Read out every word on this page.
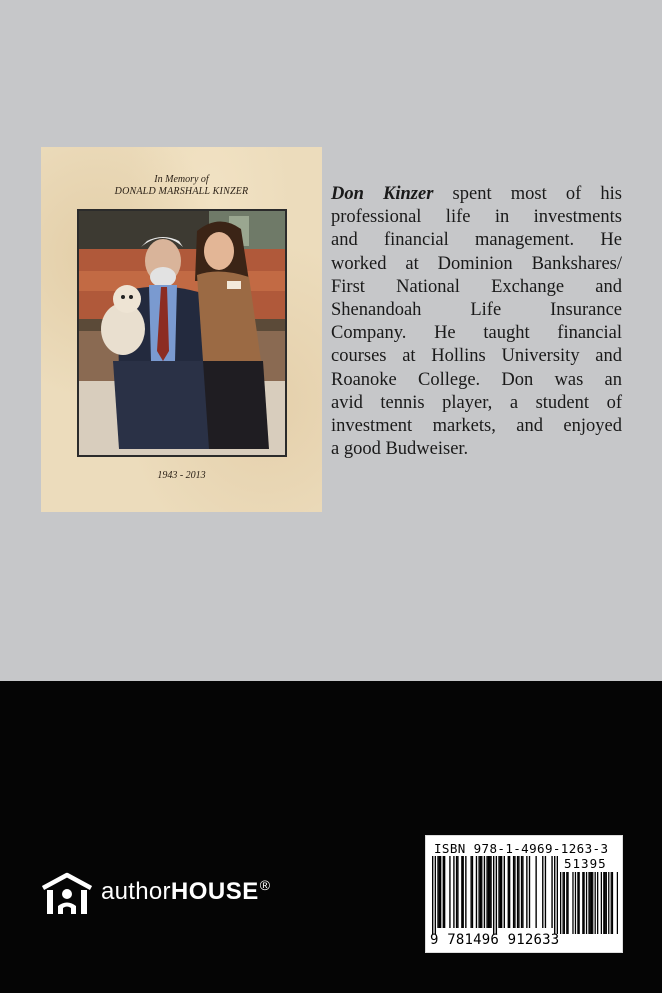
In Memory of
DONALD MARSHALL KINZER
1943 - 2013
Don Kinzer spent most of his
professional life in investments
and financial management. He
worked at Dominion Bankshares/
First National Exchange and
Shenandoah Life Insurance
Company. He taught financial
courses at Hollins University and
Roanoke College. Don was an
avid tennis player, a student of
investment markets, and enjoyed
a good Budweiser.
authorHOUSE®
ISBN 978-1-4969-1263-3
51395
9 781496 912633
